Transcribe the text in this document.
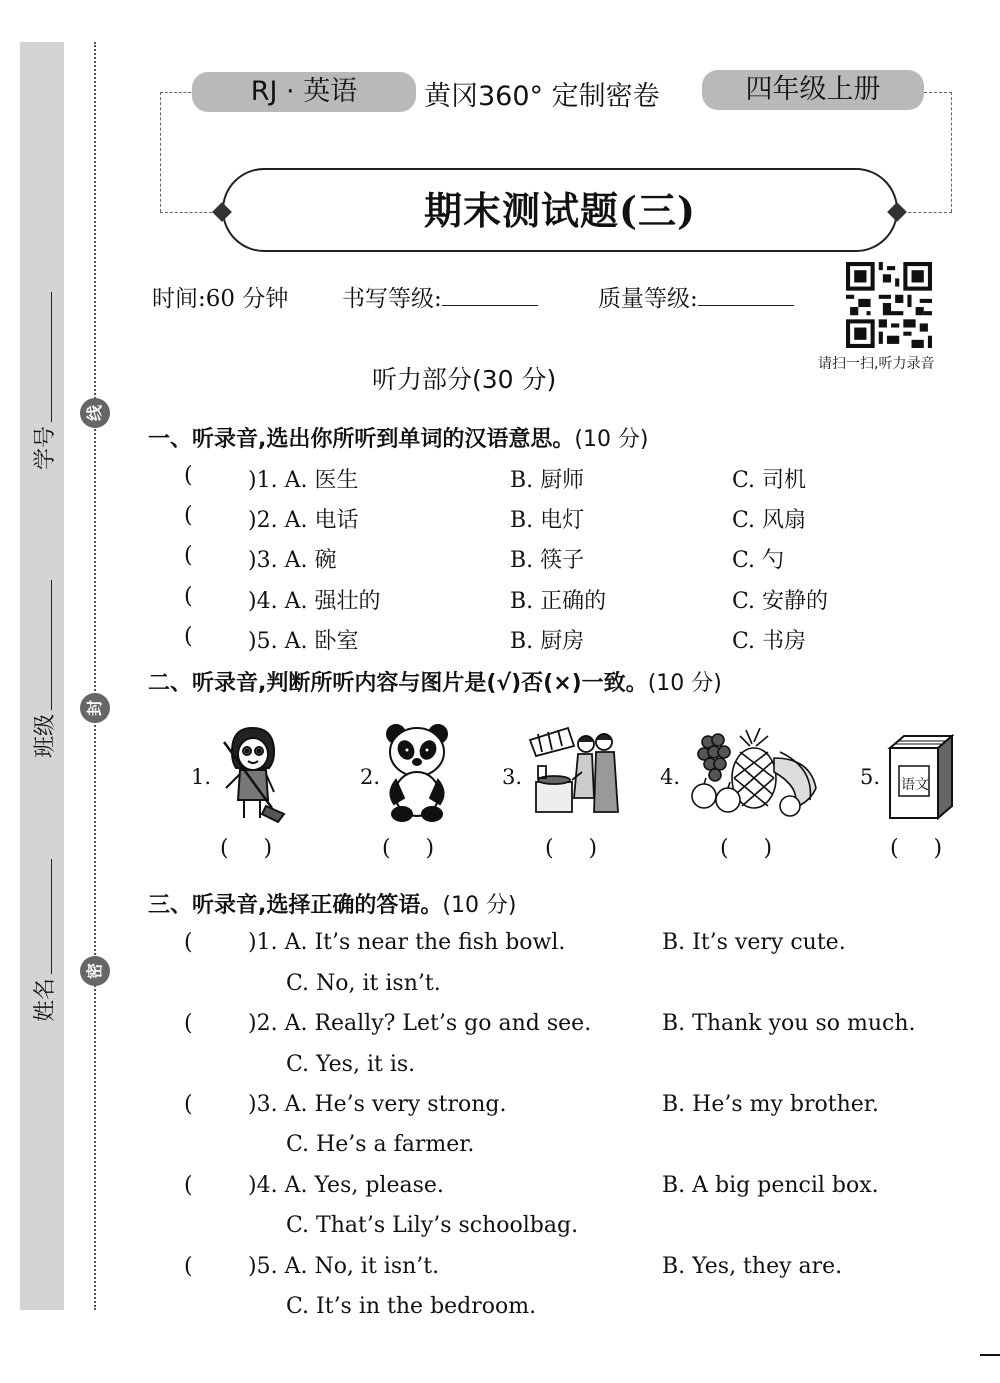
姓名
班级
学号
密
封
线
RJ · 英语	黄冈360° 定制密卷	四年级上册
期末测试题(三)
时间:60 分钟 书写等级:	质量等级:
请扫一扫,听力录音
听力部分(30 分)
一、听录音,选出你所听到单词的汉语意思。(10 分)
(	)1. A. 医生	B. 厨师	C. 司机
(	)2. A. 电话	B. 电灯	C. 风扇
(	)3. A. 碗	B. 筷子	C. 勺
(	)4. A. 强壮的	B. 正确的	C. 安静的
(	)5. A. 卧室	B. 厨房	C. 书房
二、听录音,判断所听内容与图片是(√)否(×)一致。(10 分)
1.
(     )
2.
(     )
3.
(     )
4.
(     )
5. 语文
(     )
三、听录音,选择正确的答语。(10 分)
(	)1. A. It’s near the fish bowl.	B. It’s very cute.
C. No, it isn’t.
(	)2. A. Really? Let’s go and see.	B. Thank you so much.
C. Yes, it is.
(	)3. A. He’s very strong.	B. He’s my brother.
C. He’s a farmer.
(	)4. A. Yes, please.	B. A big pencil box.
C. That’s Lily’s schoolbag.
(	)5. A. No, it isn’t.	B. Yes, they are.
C. It’s in the bedroom.
